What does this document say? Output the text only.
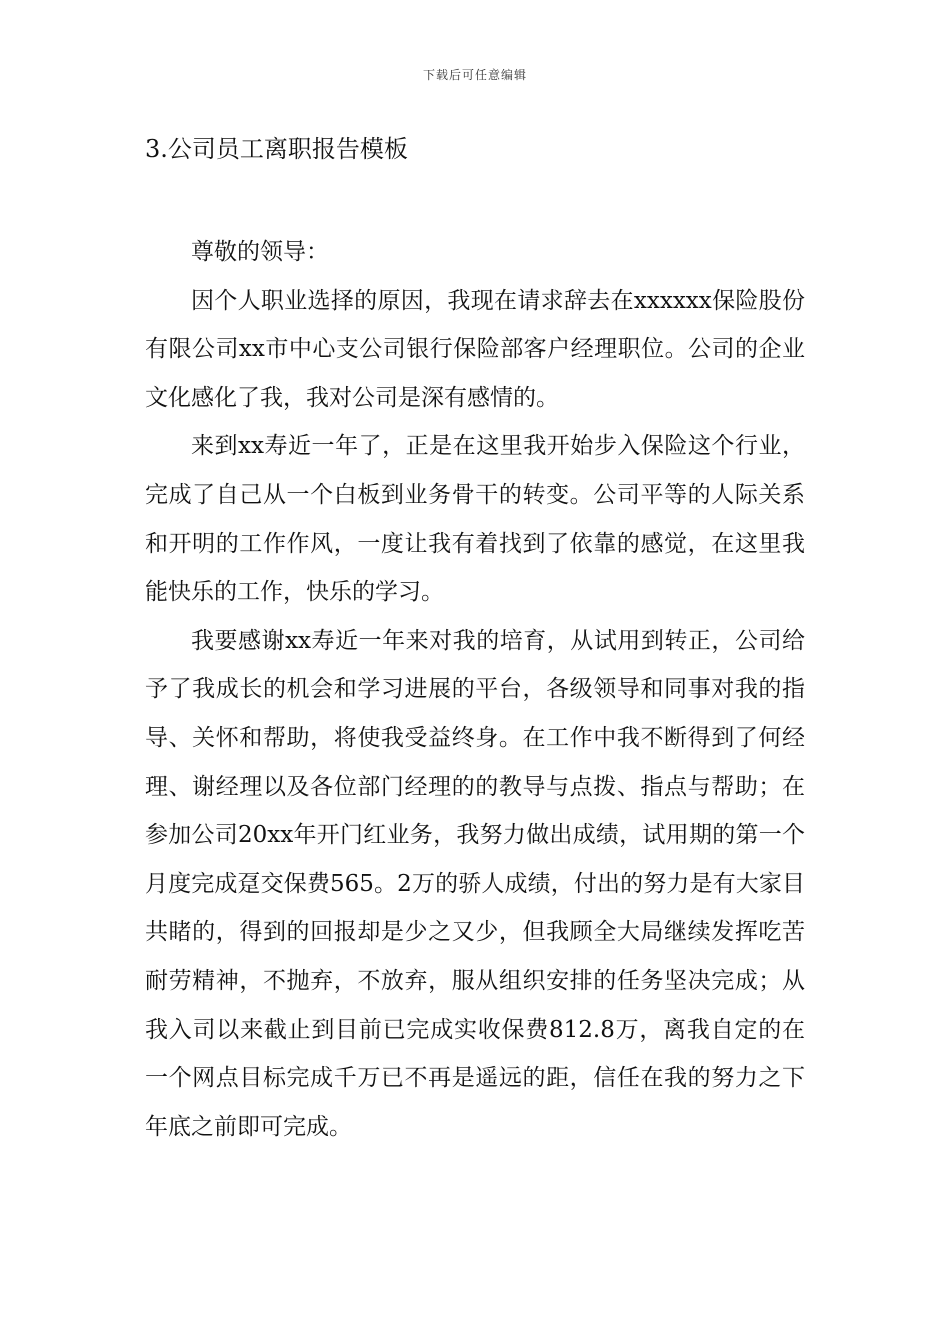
下载后可任意编辑
3.公司员工离职报告模板

尊敬的领导：

因个人职业选择的原因，我现在请求辞去在xxxxxx保险股份有限公司xx市中心支公司银行保险部客户经理职位。公司的企业文化感化了我，我对公司是深有感情的。

来到xx寿近一年了，正是在这里我开始步入保险这个行业，完成了自己从一个白板到业务骨干的转变。公司平等的人际关系和开明的工作作风，一度让我有着找到了依靠的感觉，在这里我能快乐的工作，快乐的学习。

我要感谢xx寿近一年来对我的培育，从试用到转正，公司给予了我成长的机会和学习进展的平台，各级领导和同事对我的指导、关怀和帮助，将使我受益终身。在工作中我不断得到了何经理、谢经理以及各位部门经理的的教导与点拨、指点与帮助；在参加公司20xx年开门红业务，我努力做出成绩，试用期的第一个月度完成趸交保费565。2万的骄人成绩，付出的努力是有大家目共睹的，得到的回报却是少之又少，但我顾全大局继续发挥吃苦耐劳精神，不抛弃，不放弃，服从组织安排的任务坚决完成；从我入司以来截止到目前已完成实收保费812.8万，离我自定的在一个网点目标完成千万已不再是遥远的距，信任在我的努力之下年底之前即可完成。
